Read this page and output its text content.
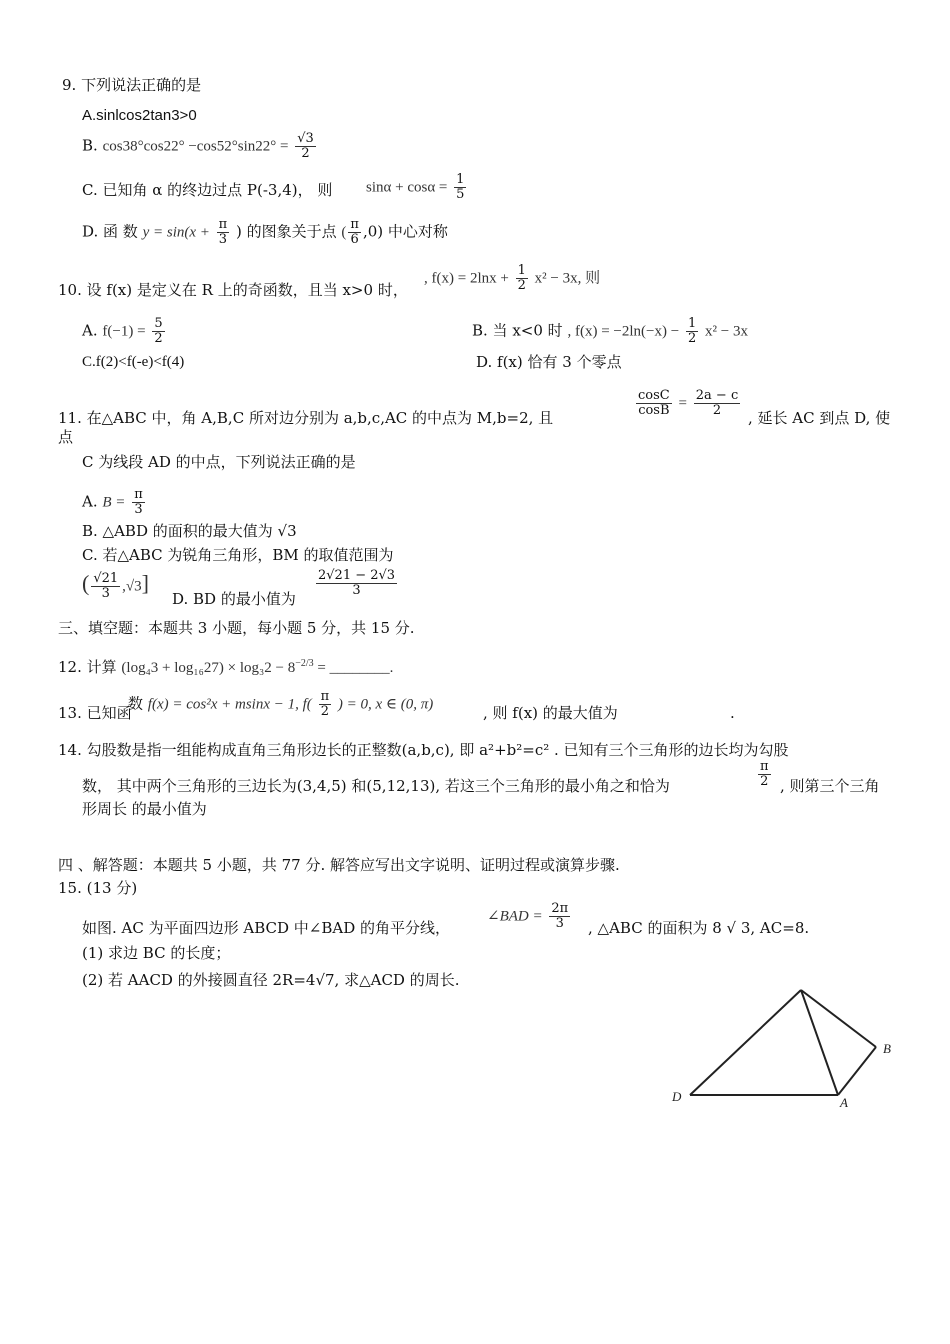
9. 下列说法正确的是
A.sinlcos2tan3>0
B. $\cos 38^\circ\cos 22^\circ -\cos 52^\circ\sin 22^\circ = \frac{√3}{2}$
C. 已知角 α 的终边过点 P(-3,4)， 则 $\sin\alpha + \cos\alpha = \frac{1}{5}$
D. 函 数 $y = \sin(x + \frac{\pi}{3}$ ) 的图象关于点 ( $\frac{\pi}{6} ,0$) 中心对称
10. 设 f(x) 是定义在 R 上的奇函数，且当 x>0 时，
, $f(x) = 2\ln x + \frac{1}{2} x^2 - 3x$, 则
A. $f(-1) = \frac{5}{2}$	B. 当 x<0 时 , $f(x) = -2\ln(-x) - \frac{1}{2} x^2 - 3x$
C.f(2)<f(-e)<f(4)	D. f(x) 恰有 3 个零点
11. 在△ABC 中，角 A,B,C 所对边分别为 a,b,c,AC 的中点为 M,b=2, 且	$\frac{\cos C}{\cos B} = \frac{2a - c}{2}$ , 延长 AC 到点 D, 使
点
C 为线段 AD 的中点，下列说法正确的是
A. $B = \frac{\pi}{3}$
B. △ABD 的面积的最大值为 √3
C. 若△ABC 为锐角三角形，BM 的取值范围为
( $\frac{√21}{3} ,√3$]
D. BD 的最小值为
$\frac{2√21 - 2√3}{3}$
三、填空题：本题共 3 小题，每小题 5 分，共 15 分.
12. 计算 $(\log_43 + \log_{16}27) \times \log_32 - 8^{-2/3}$ = ________.
13. 已知函
数 f(x) = cos²x + msinx − 1, $f( \frac{\pi}{2}$ ) = 0, x ∈ (0, π)	, 则 f(x) 的最大值为	.
14. 勾股数是指一组能构成直角三角形边长的正整数(a,b,c), 即 a²+b²=c² . 已知有三个三角形的边长均为勾股
数， 其中两个三角形的三边长为(3,4,5) 和(5,12,13), 若这三个三角形的最小角之和恰为	$\frac{\pi}{2}$ , 则第三个三角
形周长 的最小值为
四 、解答题：本题共 5 小题，共 77 分. 解答应写出文字说明、证明过程或演算步骤.
15. (13 分)
如图. AC 为平面四边形 ABCD 中∠BAD 的角平分线，
∠BAD = $\frac{2\pi}{3}$ , △ABC 的面积为 8 √ 3, AC=8.
(1) 求边 BC 的长度；
(2) 若 AACD 的外接圆直径 2R=4√7, 求△ACD 的周长.
D	A
B
